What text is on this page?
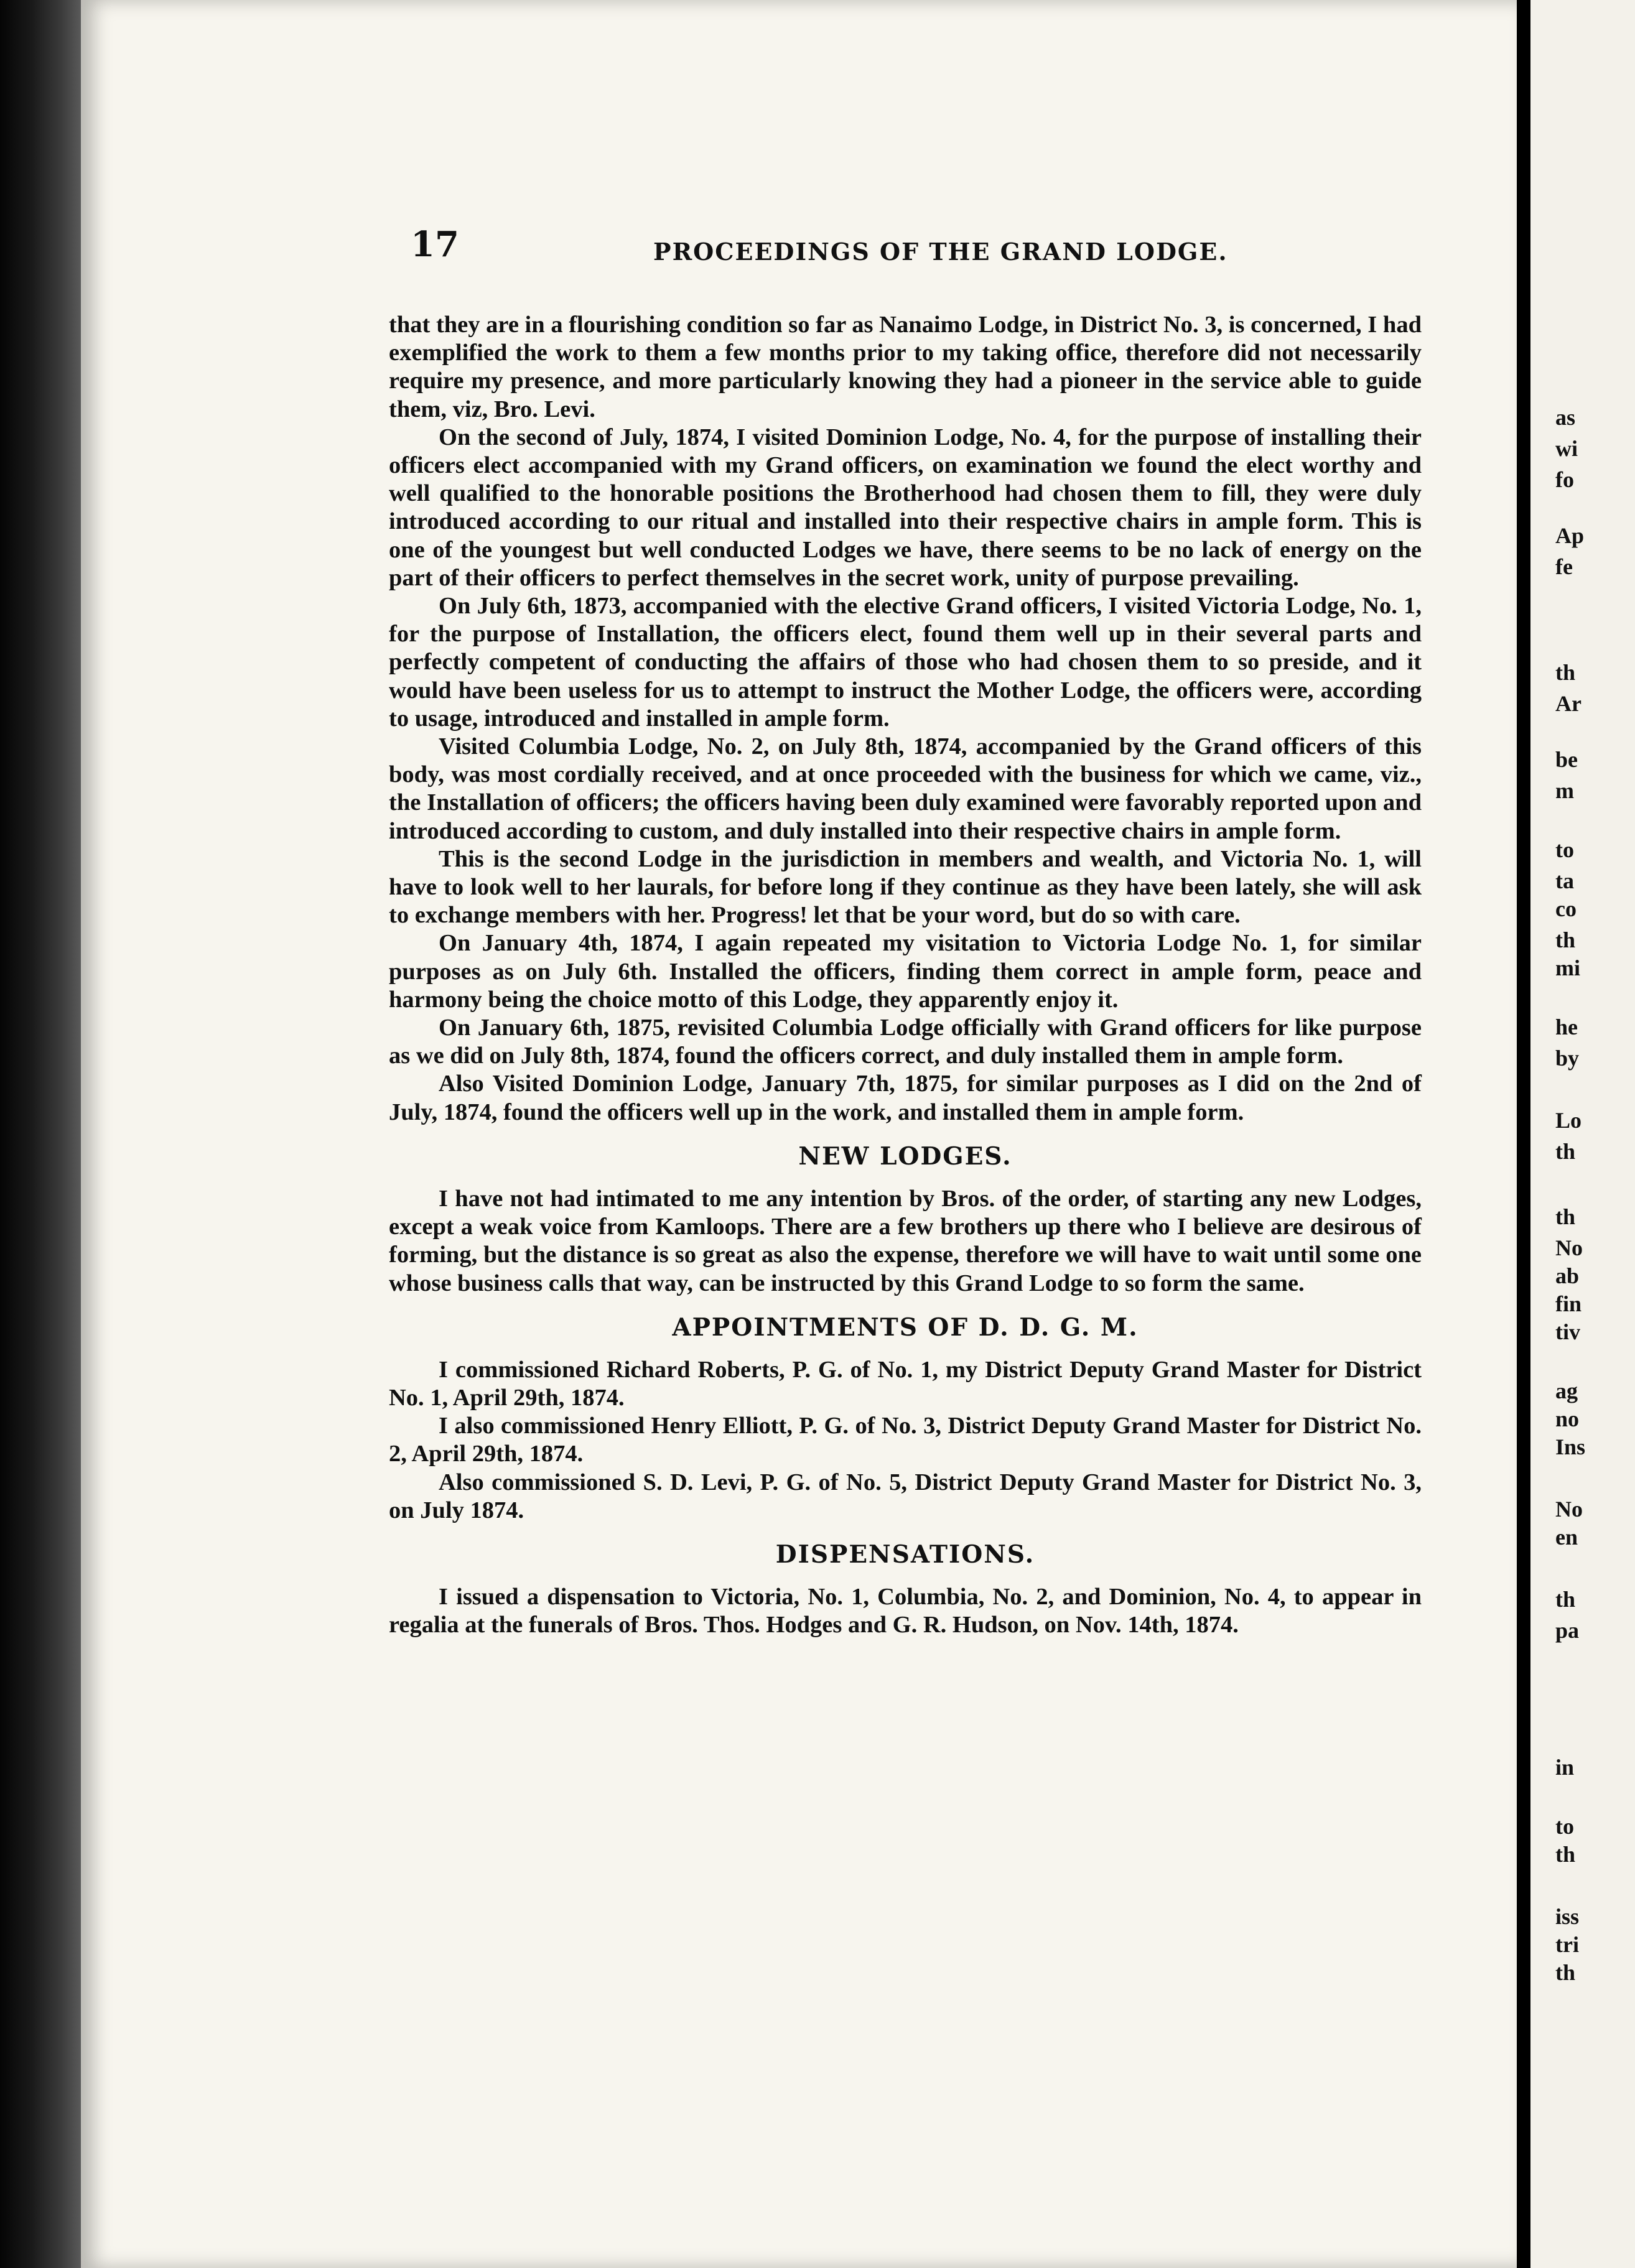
17	PROCEEDINGS OF THE GRAND LODGE.

that they are in a flourishing condition so far as Nanaimo Lodge, in District No. 3, is concerned, I had exemplified the work to them a few months prior to my taking office, therefore did not necessarily require my presence, and more particularly knowing they had a pioneer in the service able to guide them, viz, Bro. Levi.

On the second of July, 1874, I visited Dominion Lodge, No. 4, for the purpose of installing their officers elect accompanied with my Grand officers, on examination we found the elect worthy and well qualified to the honorable positions the Brotherhood had chosen them to fill, they were duly introduced according to our ritual and installed into their respective chairs in ample form. This is one of the youngest but well conducted Lodges we have, there seems to be no lack of energy on the part of their officers to perfect themselves in the secret work, unity of purpose prevailing.

On July 6th, 1873, accompanied with the elective Grand officers, I visited Victoria Lodge, No. 1, for the purpose of Installation, the officers elect, found them well up in their several parts and perfectly competent of conducting the affairs of those who had chosen them to so preside, and it would have been useless for us to attempt to instruct the Mother Lodge, the officers were, according to usage, introduced and installed in ample form.

Visited Columbia Lodge, No. 2, on July 8th, 1874, accompanied by the Grand officers of this body, was most cordially received, and at once proceeded with the business for which we came, viz., the Installation of officers; the officers having been duly examined were favorably reported upon and introduced according to custom, and duly installed into their respective chairs in ample form.

This is the second Lodge in the jurisdiction in members and wealth, and Victoria No. 1, will have to look well to her laurals, for before long if they continue as they have been lately, she will ask to exchange members with her. Progress! let that be your word, but do so with care.

On January 4th, 1874, I again repeated my visitation to Victoria Lodge No. 1, for similar purposes as on July 6th. Installed the officers, finding them correct in ample form, peace and harmony being the choice motto of this Lodge, they apparently enjoy it.

On January 6th, 1875, revisited Columbia Lodge officially with Grand officers for like purpose as we did on July 8th, 1874, found the officers correct, and duly installed them in ample form.

Also Visited Dominion Lodge, January 7th, 1875, for similar purposes as I did on the 2nd of July, 1874, found the officers well up in the work, and installed them in ample form.

NEW LODGES.

I have not had intimated to me any intention by Bros. of the order, of starting any new Lodges, except a weak voice from Kamloops. There are a few brothers up there who I believe are desirous of forming, but the distance is so great as also the expense, therefore we will have to wait until some one whose business calls that way, can be instructed by this Grand Lodge to so form the same.

APPOINTMENTS OF D. D. G. M.

I commissioned Richard Roberts, P. G. of No. 1, my District Deputy Grand Master for District No. 1, April 29th, 1874.

I also commissioned Henry Elliott, P. G. of No. 3, District Deputy Grand Master for District No. 2, April 29th, 1874.

Also commissioned S. D. Levi, P. G. of No. 5, District Deputy Grand Master for District No. 3, on July 1874.

DISPENSATIONS.

I issued a dispensation to Victoria, No. 1, Columbia, No. 2, and Dominion, No. 4, to appear in regalia at the funerals of Bros. Thos. Hodges and G. R. Hudson, on Nov. 14th, 1874.

as
wi
fo
Ap
fe
th
Ar
be
m
to
ta
co
th
mi
he
by
Lo
th
th
No
ab
fin
tiv
ag
no
Ins
No
en
th
pa
in
to
th
iss
tri
th
